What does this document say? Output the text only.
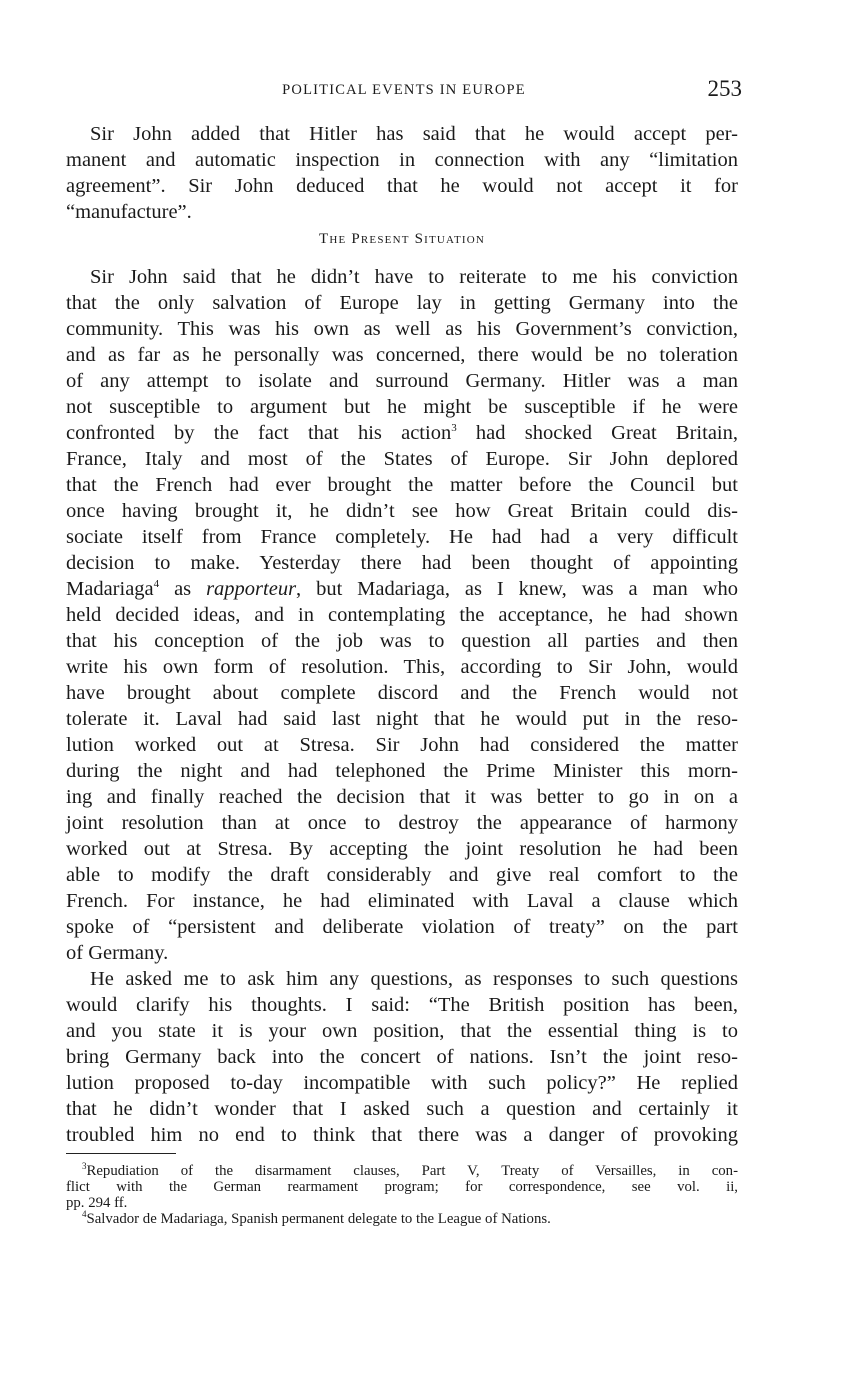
POLITICAL EVENTS IN EUROPE	253
Sir John added that Hitler has said that he would accept per-
manent and automatic inspection in connection with any “limitation
agreement”. Sir John deduced that he would not accept it for
“manufacture”.
The Present Situation
Sir John said that he didn’t have to reiterate to me his conviction
that the only salvation of Europe lay in getting Germany into the
community. This was his own as well as his Government’s conviction,
and as far as he personally was concerned, there would be no toleration
of any attempt to isolate and surround Germany. Hitler was a man
not susceptible to argument but he might be susceptible if he were
confronted by the fact that his action$^3$ had shocked Great Britain,
France, Italy and most of the States of Europe. Sir John deplored
that the French had ever brought the matter before the Council but
once having brought it, he didn’t see how Great Britain could dis-
sociate itself from France completely. He had had a very difficult
decision to make. Yesterday there had been thought of appointing
Madariaga$^4$ as rapporteur, but Madariaga, as I knew, was a man who
held decided ideas, and in contemplating the acceptance, he had shown
that his conception of the job was to question all parties and then
write his own form of resolution. This, according to Sir John, would
have brought about complete discord and the French would not
tolerate it. Laval had said last night that he would put in the reso-
lution worked out at Stresa. Sir John had considered the matter
during the night and had telephoned the Prime Minister this morn-
ing and finally reached the decision that it was better to go in on a
joint resolution than at once to destroy the appearance of harmony
worked out at Stresa. By accepting the joint resolution he had been
able to modify the draft considerably and give real comfort to the
French. For instance, he had eliminated with Laval a clause which
spoke of “persistent and deliberate violation of treaty” on the part
of Germany.
He asked me to ask him any questions, as responses to such questions
would clarify his thoughts. I said: “The British position has been,
and you state it is your own position, that the essential thing is to
bring Germany back into the concert of nations. Isn’t the joint reso-
lution proposed to-day incompatible with such policy?” He replied
that he didn’t wonder that I asked such a question and certainly it
troubled him no end to think that there was a danger of provoking
$^3$Repudiation of the disarmament clauses, Part V, Treaty of Versailles, in con-
flict with the German rearmament program; for correspondence, see vol. ii,
pp. 294 ff.
$^4$Salvador de Madariaga, Spanish permanent delegate to the League of Nations.
